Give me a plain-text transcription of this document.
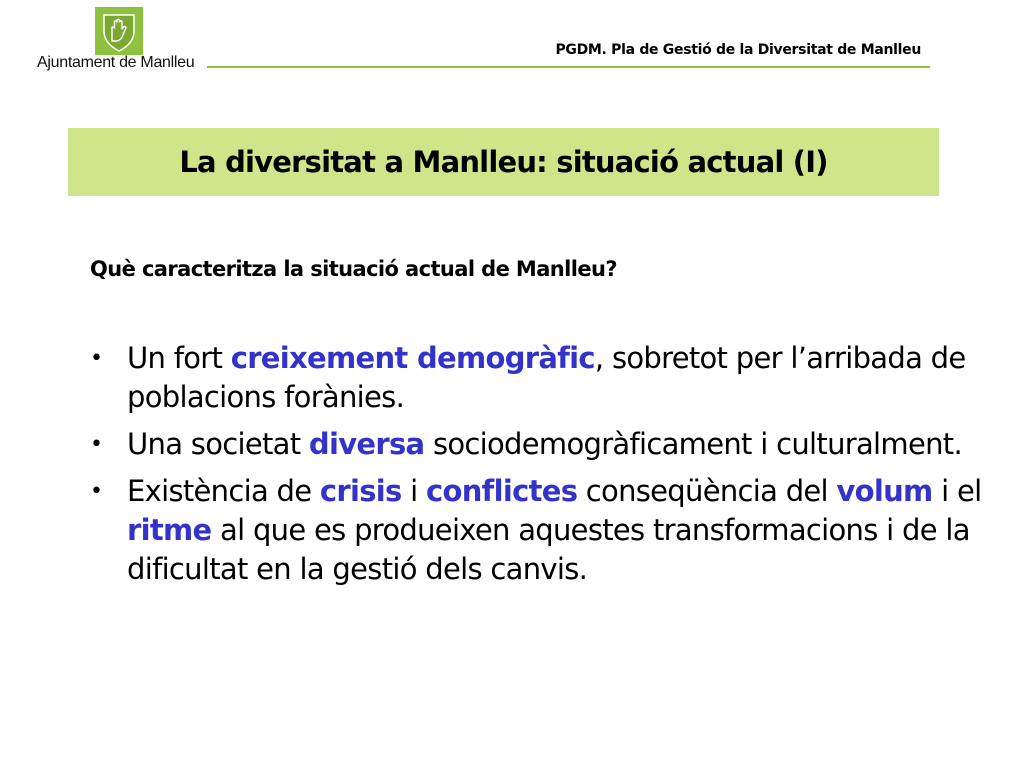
Ajuntament de Manlleu
PGDM. Pla de Gestió de la Diversitat de Manlleu
La diversitat a Manlleu: situació actual (I)
Què caracteritza la situació actual de Manlleu?
• Un fort creixement demogràfic, sobretot per l’arribada de poblacions forànies.
• Una societat diversa sociodemogràficament i culturalment.
• Existència de crisis i conflictes conseqüència del volum i el ritme al que es produeixen aquestes transformacions i de la dificultat en la gestió dels canvis.
